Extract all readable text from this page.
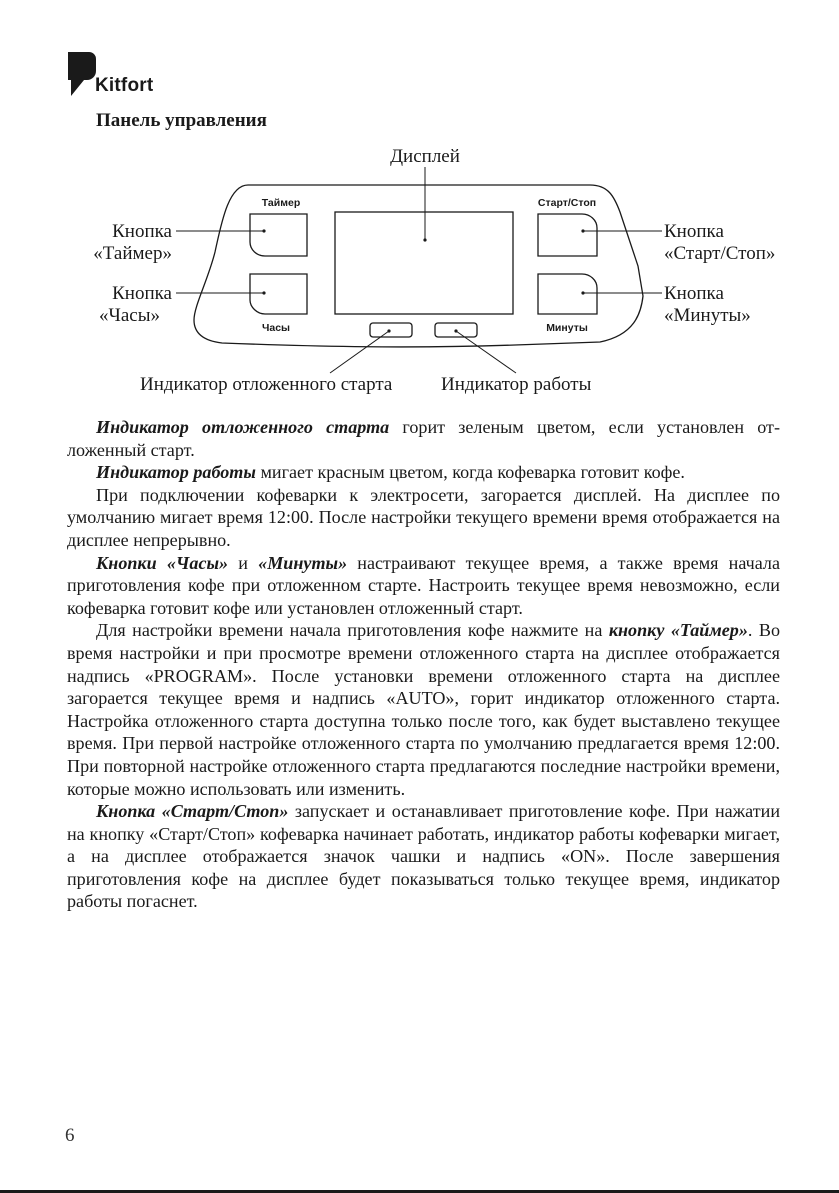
Kitfort
Панель управления
Таймер	Старт/Стоп
Часы	Минуты
Дисплей
Кнопка
«Таймер»
Кнопка
«Часы»
Кнопка
«Старт/Стоп»
Кнопка
«Минуты»
Индикатор отложенного старта	Индикатор работы

Индикатор отложенного старта горит зеленым цветом, если установлен отложенный старт.

Индикатор работы мигает красным цветом, когда кофеварка готовит кофе.

При подключении кофеварки к электросети, загорается дисплей. На дисплее по умолчанию мигает время 12:00. После настройки текущего времени время отображается на дисплее непрерывно.

Кнопки «Часы» и «Минуты» настраивают текущее время, а также время начала приготовления кофе при отложенном старте. Настроить текущее время невозможно, если кофеварка готовит кофе или установлен отложенный старт.

Для настройки времени начала приготовления кофе нажмите на кнопку «Таймер». Во время настройки и при просмотре времени отложенного старта на дисплее отображается надпись «PROGRAM». После установки времени отложенного старта на дисплее загорается текущее время и надпись «AUTO», горит индикатор отложенного старта. Настройка отложенного старта доступна только после того, как будет выставлено текущее время. При первой настройке отложенного старта по умолчанию предлагается время 12:00. При повторной настройке отложенного старта предлагаются последние настройки времени, которые можно использовать или изменить.

Кнопка «Старт/Стоп» запускает и останавливает приготовление кофе. При нажатии на кнопку «Старт/Стоп» кофеварка начинает работать, индикатор работы кофеварки мигает, а на дисплее отображается значок чашки и надпись «ON». После завершения приготовления кофе на дисплее будет показываться только текущее время, индикатор работы погаснет.

6
